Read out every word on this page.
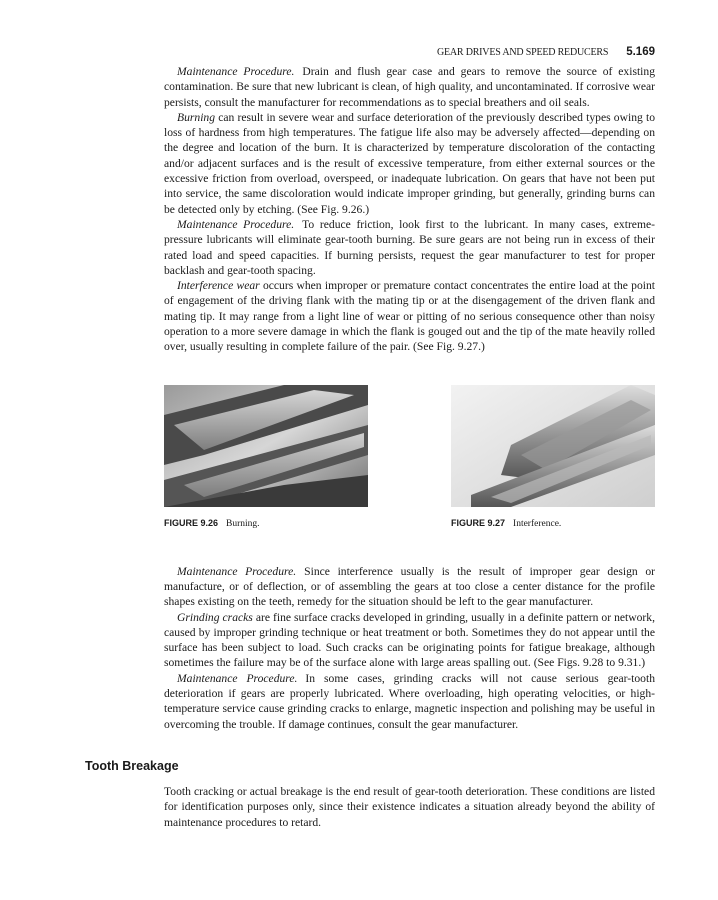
GEAR DRIVES AND SPEED REDUCERS 5.169

Maintenance Procedure. Drain and flush gear case and gears to remove the source of existing contamination. Be sure that new lubricant is clean, of high quality, and uncontaminated. If corrosive wear persists, consult the manufacturer for recommendations as to special breathers and oil seals.

Burning can result in severe wear and surface deterioration of the previously described types owing to loss of hardness from high temperatures. The fatigue life also may be adversely affected—depending on the degree and location of the burn. It is characterized by temperature discoloration of the contacting and/or adjacent surfaces and is the result of excessive temperature, from either external sources or the excessive friction from overload, overspeed, or inadequate lubrication. On gears that have not been put into service, the same discoloration would indicate improper grinding, but generally, grinding burns can be detected only by etching. (See Fig. 9.26.)

Maintenance Procedure. To reduce friction, look first to the lubricant. In many cases, extreme-pressure lubricants will eliminate gear-tooth burning. Be sure gears are not being run in excess of their rated load and speed capacities. If burning persists, request the gear manufacturer to test for proper backlash and gear-tooth spacing.

Interference wear occurs when improper or premature contact concentrates the entire load at the point of engagement of the driving flank with the mating tip or at the disengagement of the driven flank and mating tip. It may range from a light line of wear or pitting of no serious consequence other than noisy operation to a more severe damage in which the flank is gouged out and the tip of the mate heavily rolled over, usually resulting in complete failure of the pair. (See Fig. 9.27.)

FIGURE 9.26 Burning.	FIGURE 9.27 Interference.

Maintenance Procedure. Since interference usually is the result of improper gear design or manufacture, or of deflection, or of assembling the gears at too close a center distance for the profile shapes existing on the teeth, remedy for the situation should be left to the gear manufacturer.

Grinding cracks are fine surface cracks developed in grinding, usually in a definite pattern or network, caused by improper grinding technique or heat treatment or both. Sometimes they do not appear until the surface has been subject to load. Such cracks can be originating points for fatigue breakage, although sometimes the failure may be of the surface alone with large areas spalling out. (See Figs. 9.28 to 9.31.)

Maintenance Procedure. In some cases, grinding cracks will not cause serious gear-tooth deterioration if gears are properly lubricated. Where overloading, high operating velocities, or high-temperature service cause grinding cracks to enlarge, magnetic inspection and polishing may be useful in overcoming the trouble. If damage continues, consult the gear manufacturer.

Tooth Breakage

Tooth cracking or actual breakage is the end result of gear-tooth deterioration. These conditions are listed for identification purposes only, since their existence indicates a situation already beyond the ability of maintenance procedures to retard.
